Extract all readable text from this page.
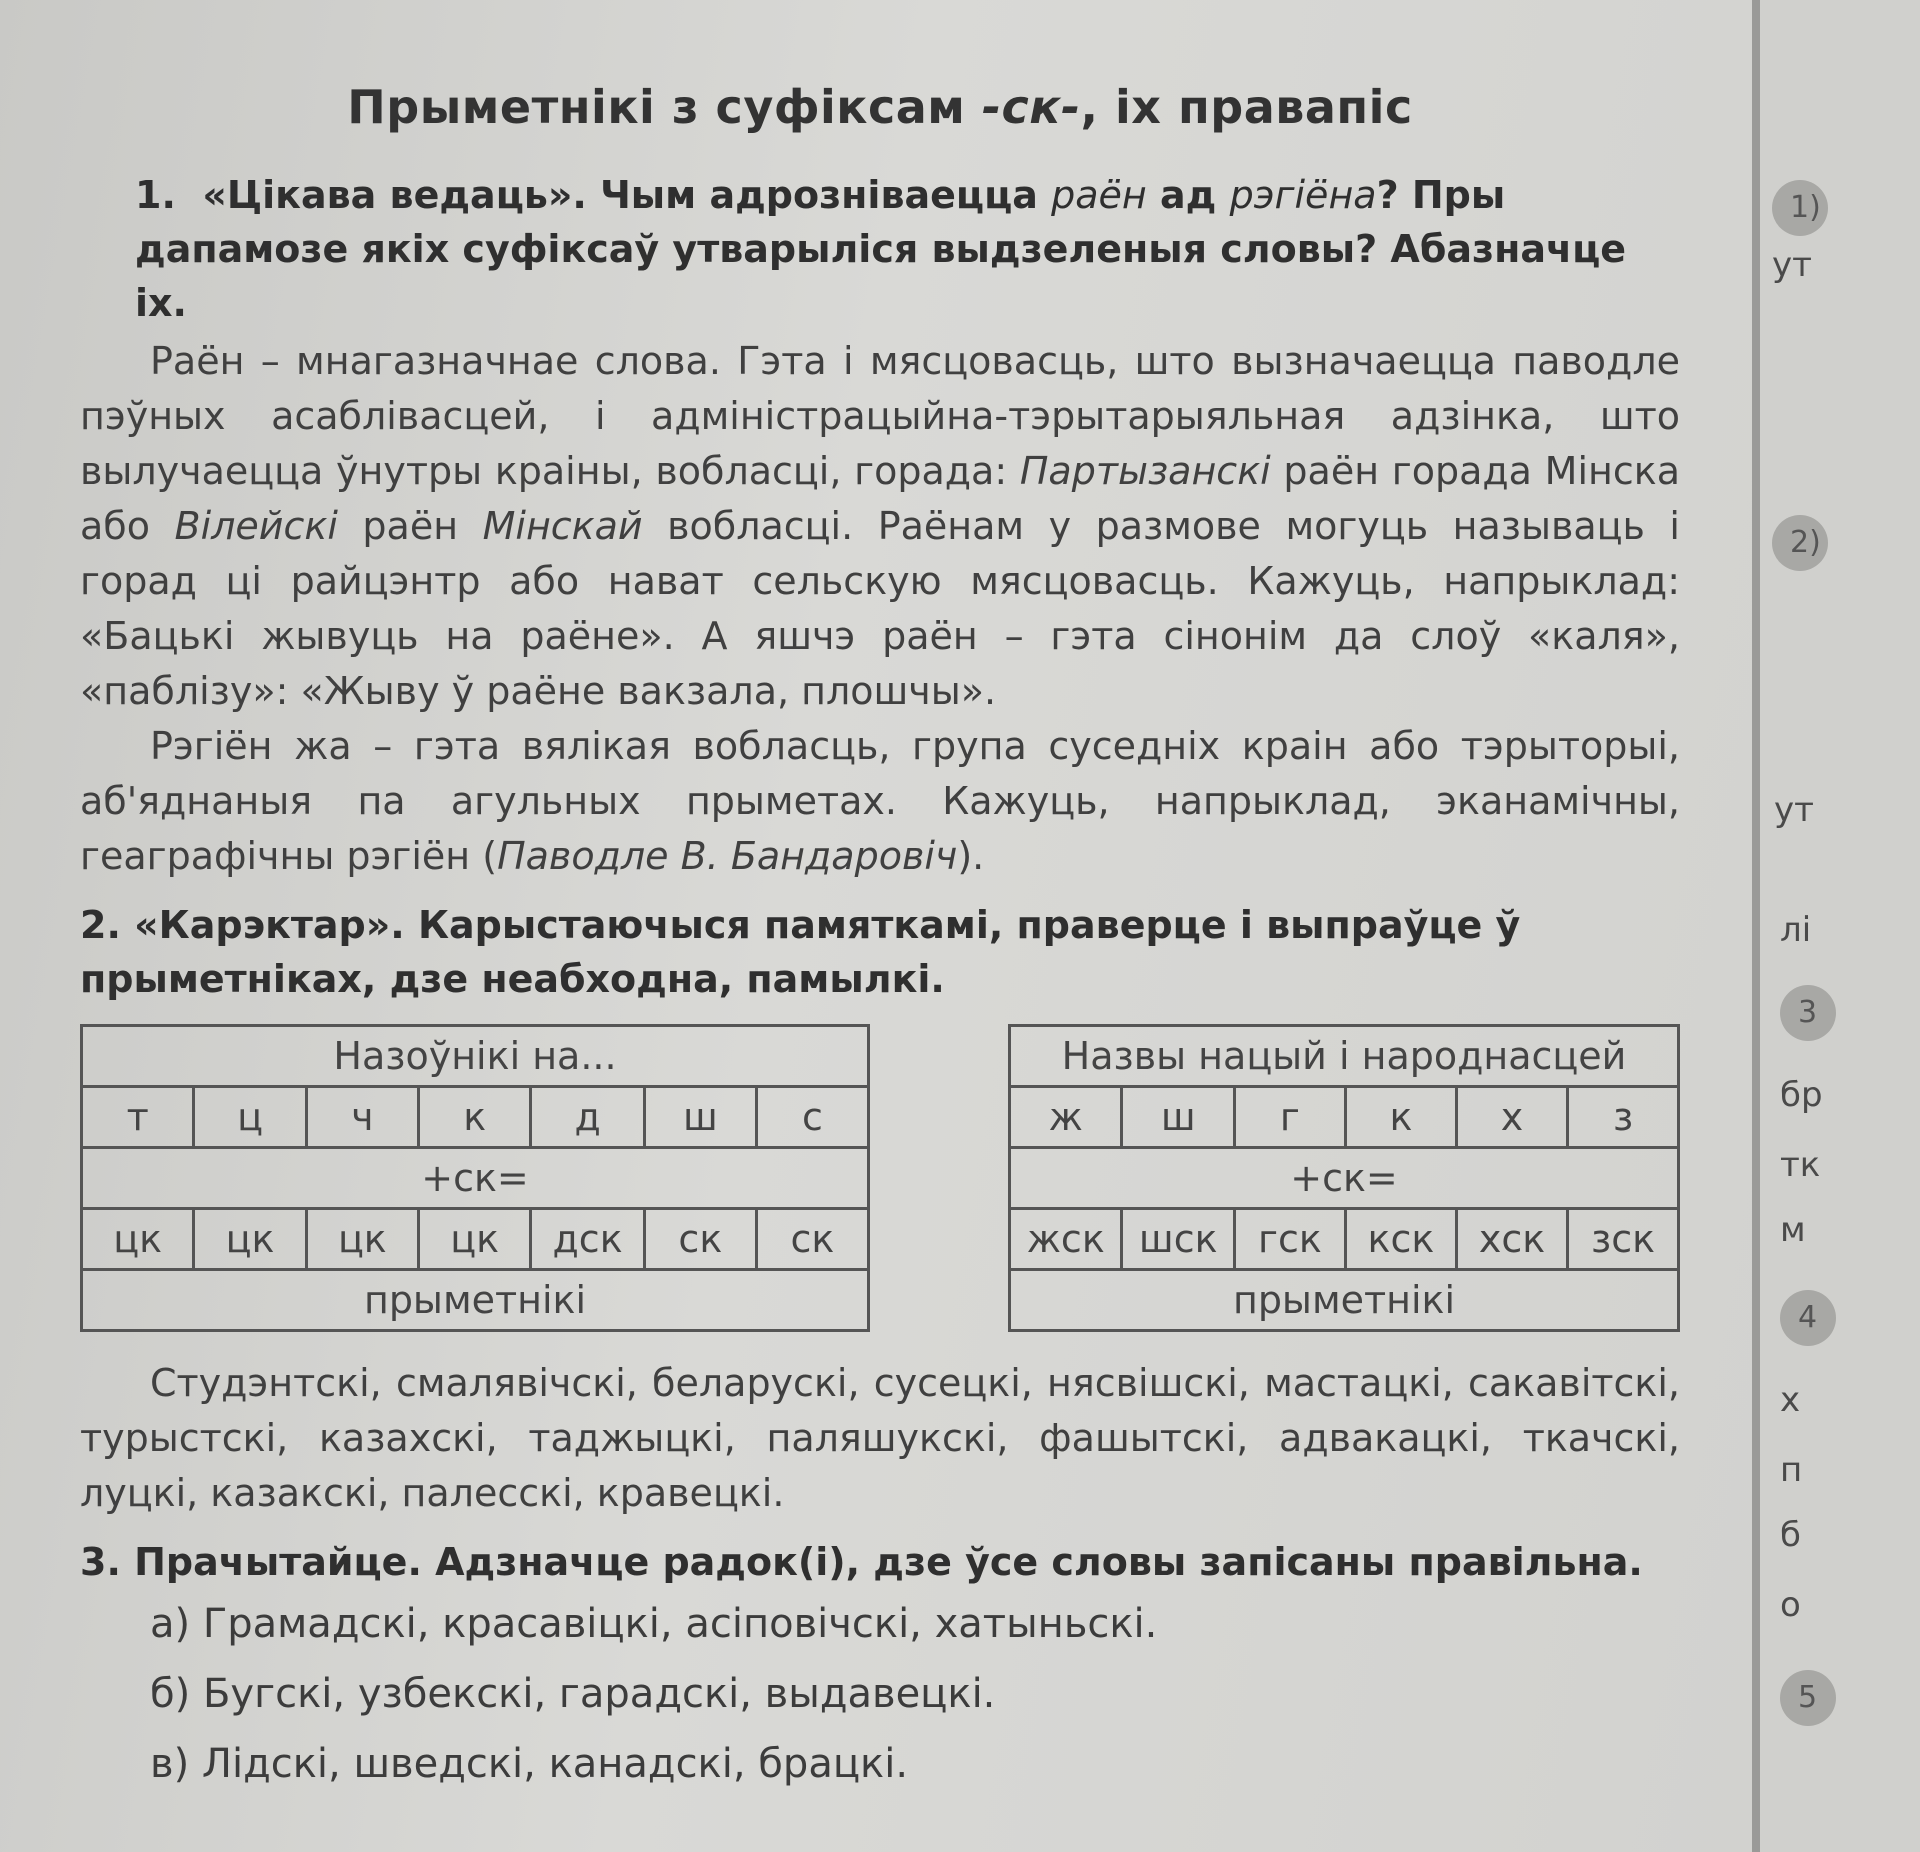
Прыметнікі з суфіксам -ск-, іх правапіс

1. «Цікава ведаць». Чым адрозніваецца раён ад рэгіёна? Пры дапамозе якіх суфіксаў утварыліся выдзеленыя словы? Абазначце іх.

Раён – мнагазначнае слова. Гэта і мясцовасць, што вызначаецца паводле пэўных асаблівасцей, і адміністрацыйна-тэрытарыяльная адзінка, што вылучаецца ўнутры краіны, вобласці, горада: Партызанскі раён горада Мінска або Вілейскі раён Мінскай вобласці. Раёнам у размове могуць называць і горад ці райцэнтр або нават сельскую мясцовасць. Кажуць, напрыклад: «Бацькі жывуць на раёне». А яшчэ раён – гэта сінонім да слоў «каля», «паблізу»: «Жыву ў раёне вакзала, плошчы».

Рэгіён жа – гэта вялікая вобласць, група суседніх краін або тэрыторыі, аб'яднаныя па агульных прыметах. Кажуць, напрыклад, эканамічны, геаграфічны рэгіён (Паводле В. Бандаровіч).

2. «Карэктар». Карыстаючыся памяткамі, праверце і выпраўце ў прыметніках, дзе неабходна, памылкі.

Назоўнікі на...						
т	ц	ч	к	д	ш	с
+ск=						
цк	цк	цк	цк	дск	ск	ск
прыметнікі						
Назвы нацый і народнасцей					
ж	ш	г	к	х	з
+ск=					
жск	шск	гск	кск	хск	зск
прыметнікі					

Студэнтскі, смалявічскі, беларускі, сусецкі, нясвішскі, мастацкі, сакавітскі, турыстскі, казахскі, таджыцкі, паляшукскі, фашытскі, адвакацкі, ткачскі, луцкі, казакскі, палесскі, кравецкі.

3. Прачытайце. Адзначце радок(і), дзе ўсе словы запісаны правільна.

а) Грамадскі, красавіцкі, асіповічскі, хатыньскі.
б) Бугскі, узбекскі, гарадскі, выдавецкі.
в) Лідскі, шведскі, канадскі, брацкі.
1)
ут
2)
ут
лі
3
бр
тк
м
4
х
п
б
о
5
